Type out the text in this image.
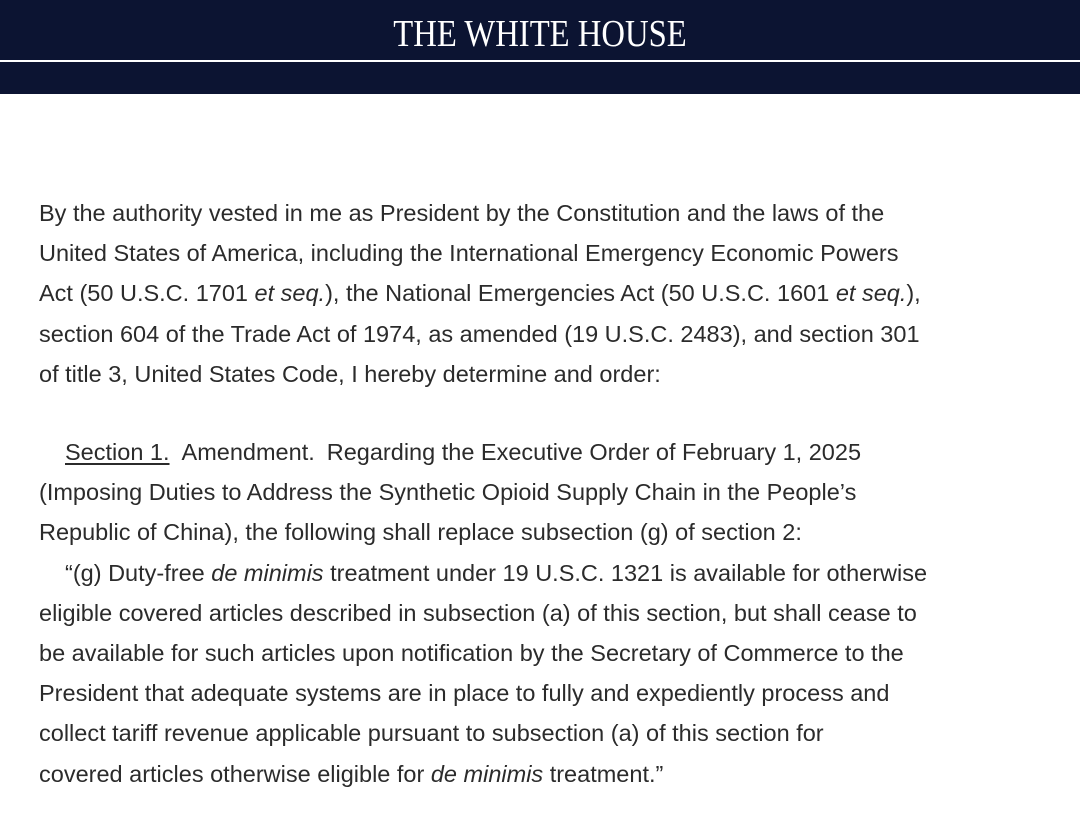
THE WHITE HOUSE

By the authority vested in me as President by the Constitution and the laws of the
United States of America, including the International Emergency Economic Powers
Act (50 U.S.C. 1701 et seq.), the National Emergencies Act (50 U.S.C. 1601 et seq.),
section 604 of the Trade Act of 1974, as amended (19 U.S.C. 2483), and section 301
of title 3, United States Code, I hereby determine and order:

Section 1. Amendment. Regarding the Executive Order of February 1, 2025
(Imposing Duties to Address the Synthetic Opioid Supply Chain in the People’s
Republic of China), the following shall replace subsection (g) of section 2:
“(g) Duty-free de minimis treatment under 19 U.S.C. 1321 is available for otherwise
eligible covered articles described in subsection (a) of this section, but shall cease to
be available for such articles upon notification by the Secretary of Commerce to the
President that adequate systems are in place to fully and expediently process and
collect tariff revenue applicable pursuant to subsection (a) of this section for
covered articles otherwise eligible for de minimis treatment.”
